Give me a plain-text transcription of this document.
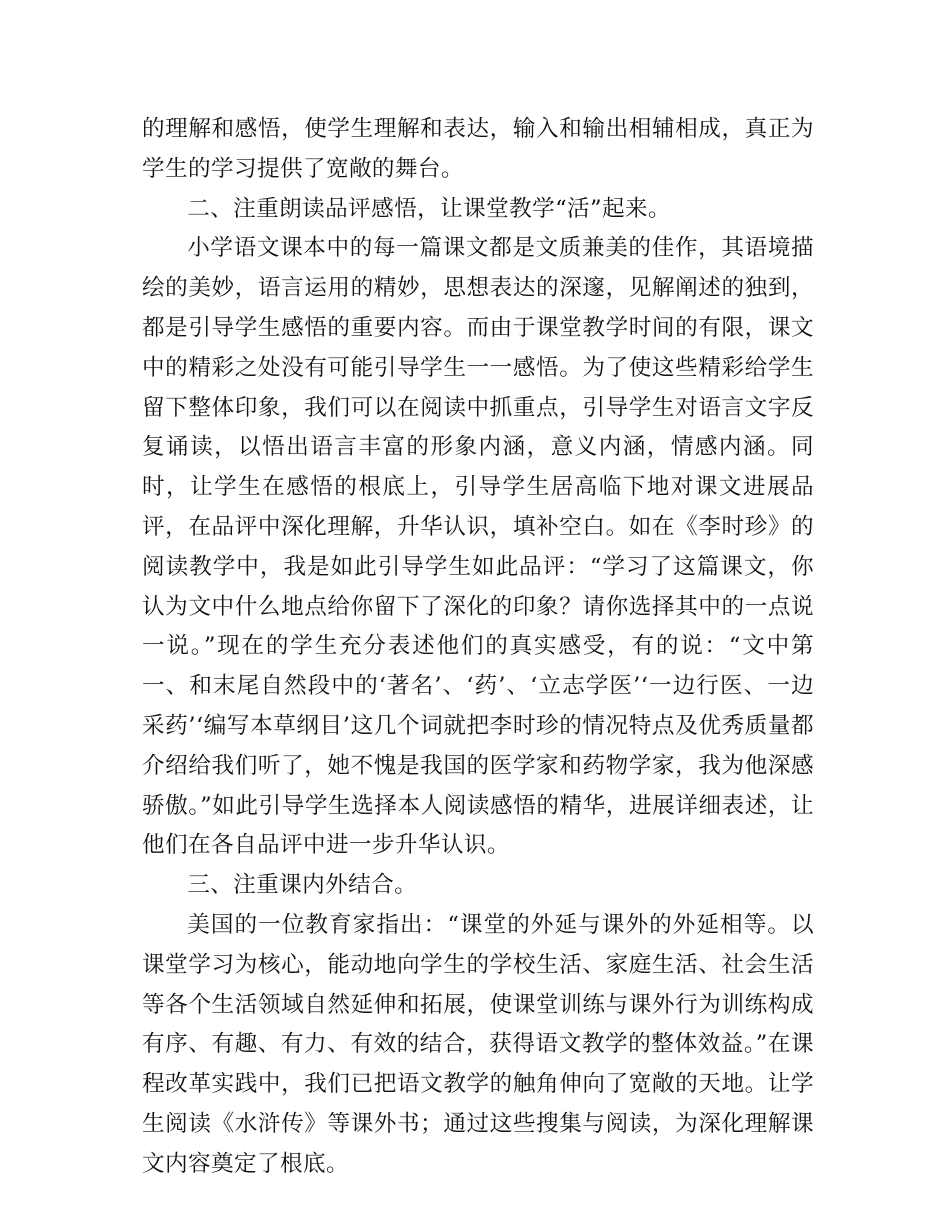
的理解和感悟，使学生理解和表达，输入和输出相辅相成，真正为学生的学习提供了宽敞的舞台。

二、注重朗读品评感悟，让课堂教学“活”起来。

小学语文课本中的每一篇课文都是文质兼美的佳作，其语境描绘的美妙，语言运用的精妙，思想表达的深邃，见解阐述的独到，都是引导学生感悟的重要内容。而由于课堂教学时间的有限，课文中的精彩之处没有可能引导学生一一感悟。为了使这些精彩给学生留下整体印象，我们可以在阅读中抓重点，引导学生对语言文字反复诵读，以悟出语言丰富的形象内涵，意义内涵，情感内涵。同时，让学生在感悟的根底上，引导学生居高临下地对课文进展品评，在品评中深化理解，升华认识，填补空白。如在《李时珍》的阅读教学中，我是如此引导学生如此品评：“学习了这篇课文，你认为文中什么地点给你留下了深化的印象？请你选择其中的一点说一说。”现在的学生充分表述他们的真实感受，有的说：“文中第一、和末尾自然段中的‘著名’、‘药’、‘立志学医’‘一边行医、一边采药’‘编写本草纲目’这几个词就把李时珍的情况特点及优秀质量都介绍给我们听了，她不愧是我国的医学家和药物学家，我为他深感骄傲。”如此引导学生选择本人阅读感悟的精华，进展详细表述，让他们在各自品评中进一步升华认识。

三、注重课内外结合。

美国的一位教育家指出：“课堂的外延与课外的外延相等。以课堂学习为核心，能动地向学生的学校生活、家庭生活、社会生活等各个生活领域自然延伸和拓展，使课堂训练与课外行为训练构成有序、有趣、有力、有效的结合，获得语文教学的整体效益。”在课程改革实践中，我们已把语文教学的触角伸向了宽敞的天地。让学生阅读《水浒传》等课外书；通过这些搜集与阅读，为深化理解课文内容奠定了根底。
